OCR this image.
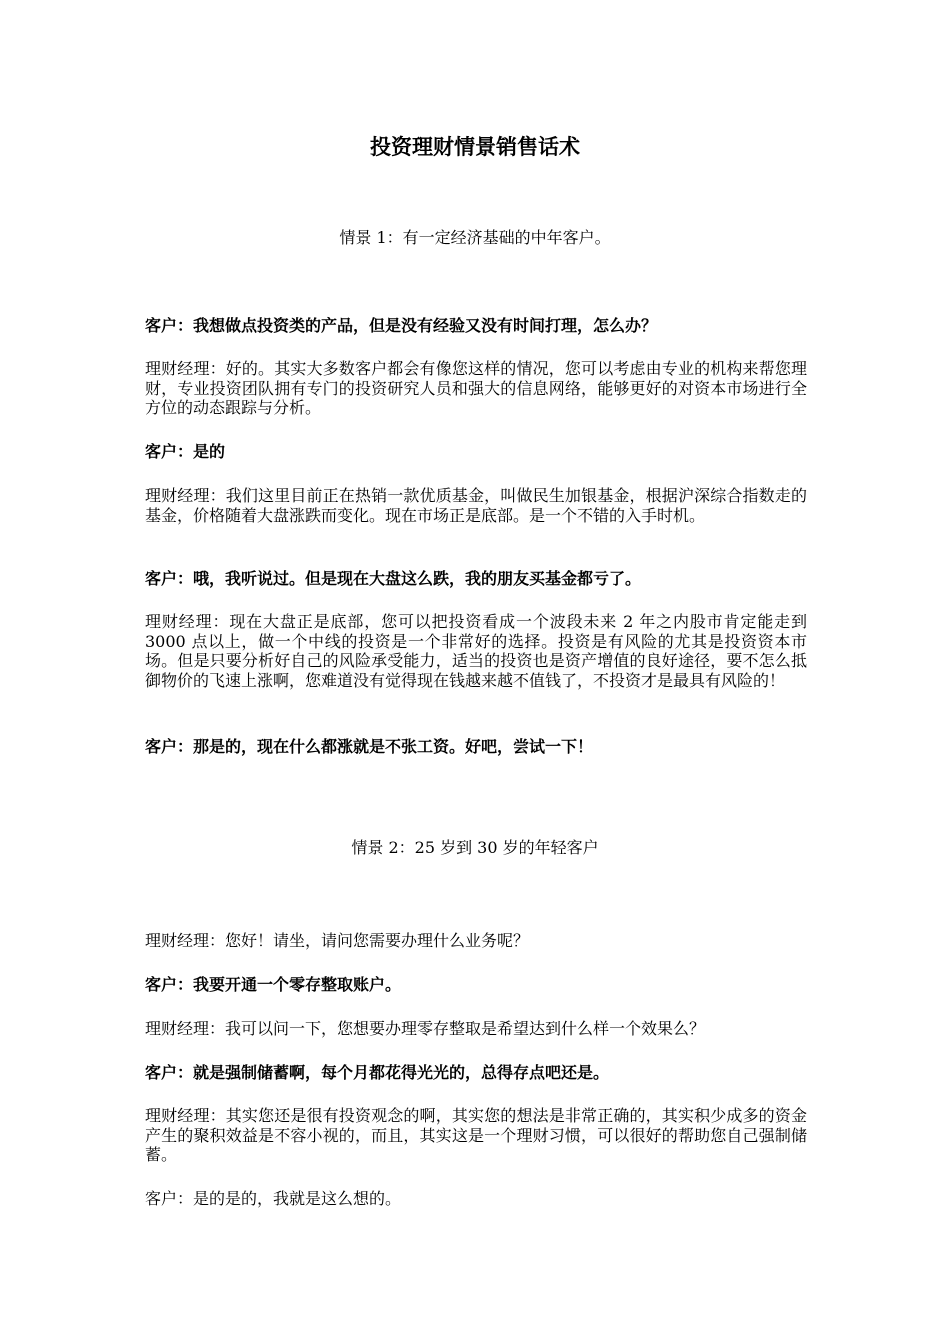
投资理财情景销售话术
情景 1：有一定经济基础的中年客户。

客户：我想做点投资类的产品，但是没有经验又没有时间打理，怎么办？

理财经理：好的。其实大多数客户都会有像您这样的情况，您可以考虑由专业的机构来帮您理财，专业投资团队拥有专门的投资研究人员和强大的信息网络，能够更好的对资本市场进行全方位的动态跟踪与分析。

客户：是的

理财经理：我们这里目前正在热销一款优质基金，叫做民生加银基金，根据沪深综合指数走的基金，价格随着大盘涨跌而变化。现在市场正是底部。是一个不错的入手时机。

客户：哦，我听说过。但是现在大盘这么跌，我的朋友买基金都亏了。

理财经理：现在大盘正是底部，您可以把投资看成一个波段未来 2 年之内股市肯定能走到 3000 点以上，做一个中线的投资是一个非常好的选择。投资是有风险的尤其是投资资本市场。但是只要分析好自己的风险承受能力，适当的投资也是资产增值的良好途径，要不怎么抵御物价的飞速上涨啊，您难道没有觉得现在钱越来越不值钱了，不投资才是最具有风险的！

客户：那是的，现在什么都涨就是不张工资。好吧，尝试一下！

情景 2：25 岁到 30 岁的年轻客户

理财经理：您好！请坐，请问您需要办理什么业务呢？

客户：我要开通一个零存整取账户。

理财经理：我可以问一下，您想要办理零存整取是希望达到什么样一个效果么？

客户：就是强制储蓄啊，每个月都花得光光的，总得存点吧还是。

理财经理：其实您还是很有投资观念的啊，其实您的想法是非常正确的，其实积少成多的资金产生的聚积效益是不容小视的，而且，其实这是一个理财习惯，可以很好的帮助您自己强制储蓄。

客户：是的是的，我就是这么想的。
